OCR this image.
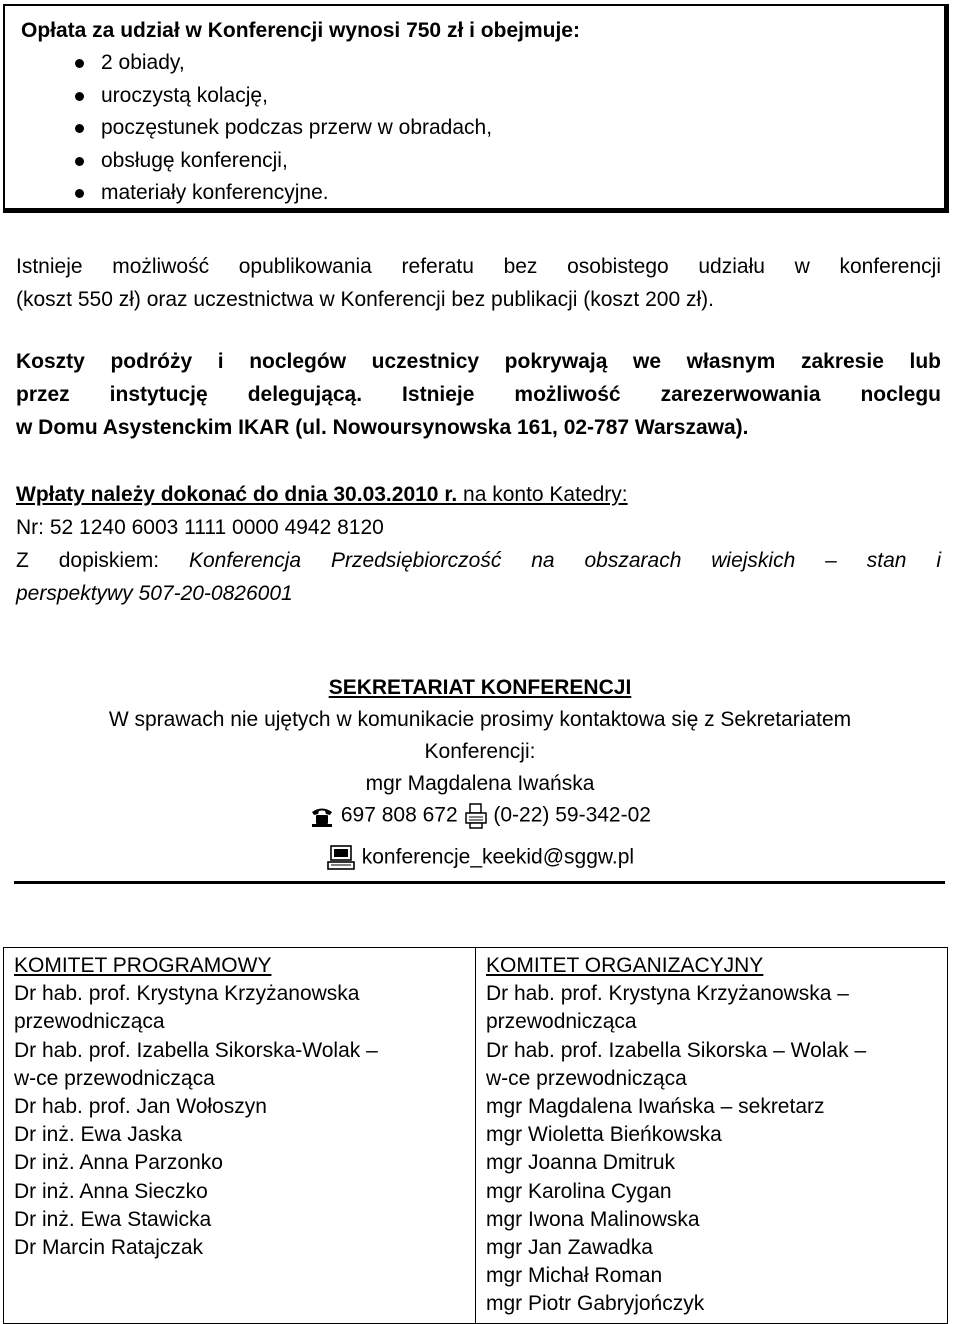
Opłata za udział w Konferencji wynosi 750 zł i obejmuje:
2 obiady,
uroczystą kolację,
poczęstunek podczas przerw w obradach,
obsługę konferencji,
materiały konferencyjne.
Istnieje możliwość opublikowania referatu bez osobistego udziału w konferencji
(koszt 550 zł) oraz uczestnictwa w Konferencji bez publikacji (koszt 200 zł).
Koszty podróży i noclegów uczestnicy pokrywają we własnym zakresie lub
przez instytucję delegującą. Istnieje możliwość zarezerwowania noclegu
w Domu Asystenckim IKAR (ul. Nowoursynowska 161, 02-787 Warszawa).
Wpłaty należy dokonać do dnia 30.03.2010 r. na konto Katedry:
Nr: 52 1240 6003 1111 0000 4942 8120
Z dopiskiem: Konferencja Przedsiębiorczość na obszarach wiejskich – stan i
perspektywy 507-20-0826001
SEKRETARIAT KONFERENCJI
W sprawach nie ujętych w komunikacie prosimy kontaktowa się z Sekretariatem
Konferencji:
mgr Magdalena Iwańska
697 808 672 (0-22) 59-342-02
konferencje_keekid@sggw.pl
KOMITET PROGRAMOWY
Dr hab. prof. Krystyna Krzyżanowska
przewodnicząca
Dr hab. prof. Izabella Sikorska-Wolak –
w-ce przewodnicząca
Dr hab. prof. Jan Wołoszyn
Dr inż. Ewa Jaska
Dr inż. Anna Parzonko
Dr inż. Anna Sieczko
Dr inż. Ewa Stawicka
Dr Marcin Ratajczak

KOMITET ORGANIZACYJNY
Dr hab. prof. Krystyna Krzyżanowska –
przewodnicząca
Dr hab. prof. Izabella Sikorska – Wolak –
w-ce przewodnicząca
mgr Magdalena Iwańska – sekretarz
mgr Wioletta Bieńkowska
mgr Joanna Dmitruk
mgr Karolina Cygan
mgr Iwona Malinowska
mgr Jan Zawadka
mgr Michał Roman
mgr Piotr Gabryjończyk
